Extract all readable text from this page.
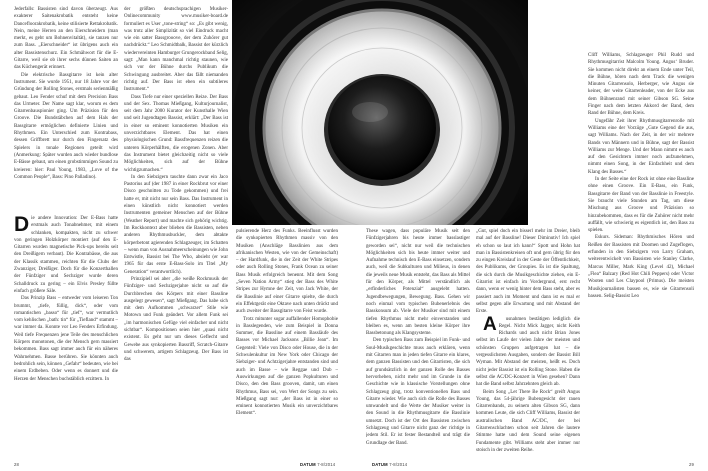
Jederfalls: Bassisten sind davon überzeugt. Aus exakterer Saitenakrobatik entsteht keine Dancefloorakrobatik, keine stilisierte Rettakrobatik. Nein, meine Herren an den Eierschneidern (man merkt, es geht um Bohnenvitaltät), sie tanzen nur zum Bass. „Eierschneider“ ist übrigens auch ein alter Bassistenschurz. Ein Schmähwort für die E-Gitarre, weil sie ob ihrer sechs dünnen Saiten an das Küchengerät erinnert.

Die elektrische Bassgitarre ist kein alter Instrument. Sie wurde 1951, nur 18 Jahre vor der Gründung der Rolling Stones, erstmals serienmäßig gebaut. Leo Fender schuf mit dem Precision Bass das Urmeter. Der Name sagt klar, worum es dem Gitarrenbauspionier ging. Um Präzision für den Groove. Die Bundstäbchen auf dem Hals der Bassgitarre ermöglichen definierte Linien und Rhythmen. Ein Unterschied zum Kontrabass, dessen Griffbrett nur durch den Fingersatz des Spielers in tonale Regionen geteilt wird (Anmerkung: Später wurden auch wieder bundlose E-Bässe gebaut, um einen grobstimmigen Sound zu kreieren: hier: Paul Young, 1983, „Love of the Common People“, Bass: Pino Palladino).

D ie andere Innovation: Der E-Bass hatte erstmals auch Tonabnehmer, mit einem schlanken, kompakten, nicht zu schwer von geringen Holzkörper montiert (auf den E-Gitarren wurden magnetische Pick-ups bereits seit den Dreißigern verbaut). Die Kontrabässe, die aus der Klassik stammen, reichten für die Clubs der Zwanziger, Dreißiger. Doch für die Konzerthallen der Fünfziger und Sechziger wurde deren Schalldruck zu gering – ein Elvis Presley füllte einfach größere Säle.

Das Prinzip Bass – entweder vom leiseren Ton brummt, „tiefe, füllig, dick“, oder vom romantischen „basso“ für „tief“, war vermutlich vom kehlischen „bath: tin“ für „Tiefland“ stammt – war immer da. Konnte vor Leo Fenders Erfindung. Weil tiefe Frequenzen jene Teile des menschlichen Körpers monotonen, die der Mensch gern massiert bekommen. Bass sagt immer auch für ein näheres Wahrnehmen. Basse berühren. Sie könnten auch bedrohlich sein, können „Gefahr“ bedeuten, wie bei einem Erdbeben. Oder wenn es donnert und die Herzen der Menschen buchstäblich erzittern. In

der größten deutschsprachigen Musiker-Onlinecommunity www.musiker-board.de formuliert es User „tone-string“ so: „Es gibt wenig, was trotz aller Simplizität so viel Eindruck macht wie ein satter Bassgrooove, der dem Zuhörer gut nachdrückt.“ Leo Schmidtbalk, Bassist der kürzlich wiedervereinten Hamburger Grungerockband Selig, sagt: „Man kann manchmal richtig staunen, wie sich vor der Bühne durchs Publikum die Schwingung ausbreitet. Aber das fällt niemanden richtig auf. Der Bass ist eben ein subtileres Instrument.“

Dass Tiefe nur einer speziellen Reize. Der Bass und der Sex. Thomas Mießgang, Kulturjournalist, seit dem Jahr 2000 Kurator der Kunsthalle Wien und seit Jugendtagen Bassist, erklärt: „Der Bass ist in einer so eminent konnotierten Musiken ein unverzichtbares Element. Das hat einen physiologischen Grund: Bassfrequenzen reizen die unteren Körperhälften, die erogenen Zonen. Aber das Instrument bietet gleichzeitig nicht so viele Möglichkeiten, sich auf der Bühne wichtigzumachen.“

In den Siebzigern tauchte dann zwar ein Jaco Pastorius auf (der 1987 in einer Rockbrut vor einer Disco geschnitten zu Tode gekommen) und frei hatte er, mit nicht nur sein Bass. Das Instrument in einen künstlich nicht konnotiert werden Instrumenten gemeiner Menschen auf der Bühne (Weather Report) und machte sich gehörig wichtig. Im Rockkontext aber blieben die Bassisten, neben anderen Rhythmusbuckler, dem abtakte körperbetont agierenden Schlagzeuger, im Schatten – wenn man von Ausnahmeerscheinungen wie John Entwistle, Bassist bei The Who, absieht (er war 1965 für das erste E-Bass-Solo im Titel „My Generation“ verantwortlich).

Prinzipiell sei aber „die weiße Rockmusik der Fünfziger- und Sechzigerjahre nicht so auf die Durchbrechen des Körpers mit einer Bassline ausgelegt gewesen“, sagt Mießgang. Das habe sich mit dem Aufkommen „schwarzer“ Stile wie Motown und Funk geändert. Vor allem Funk sei „im harmonischen Gefüge viel einfacher und nicht sichtbar“. Kompositionen seien hier „quasi nicht existent. Es geht nur um dieses Geflecht und Gewebe aus synkopierten Bassriff, Scratch-Gitarre und schwerem, artigem Schlagzeug. Der Bass ist das

pulsierende Herz des Funks. Beeinflusst wurden die synkopierten Rhythmen massiv von den Musiken (Anschläge Basslinien aus dem afrikanischen Westen, wie von der Gemeinschaft) – der Hardfunk, die in der Zeit der White Stripes oder auch Rolling Stones, Frank Ocean zu seiner Bass Musik erfolgreich benennt. Mit dem Song „Seven Nation Army“ stieg der Bass des White Stripes zur Hymne der Zeit, von Jack White, der die Basslinie auf einer Gitarre spielte, die durch ein Effektgerät eine Oktave nach unten drückt und auch zweiter der Bassgitarre von Feist wurde.

Trotz mitunter sogar auffallender Homophobie in Basslegenden, wie zum Beispiel in Donna Summer, die Bassline auf einem Bassläufe des Basses vor Michael Jacksons „Billie Jean“. Im Gegenteil: Viele von Disco oder House, die in der Schwulenkultur im New York oder Chicago der Siebziger- und Achtzigerjahre entstanden sind und auch im Basse – wie Reggae und Dub – Auswirkungen auf die ganzen Popkulturen und Disco, den den Bass grooven, damit, um einen Rhythmus, Bass sei, von Wert der Songs zu sein. Mießgang sagt nur: „der Bass ist in einer so eminent konnotierten Musik ein unverzichtbares Element“.

28	DATUM 7-8/2014

These wagen, dass populäre Musik seit den Fünfzigerjahren bis heute immer basslastiger geworden sei“, nicht nur weil die technischen Möglichkeiten sich bis heute immer weiter und Aufnahme technisch den E-Bass einsetzen, sondern auch, weil die Subkulturen und Milieus, in denen die jeweils neue Musik entsteht, das Bass als Mittel für den Körper, als Mittel verständlich als „erfinderliches Potenzial“ ausgelebt hatten. Jugendbewegungen, Bewegung. Bass. Gehen wir noch einmal vom typischen Bubenerlebnis des Basskonsum ab. Viele der Musiker sind mit einem tiefen Rhythmus nicht mehr einverstanden und bleiben es, wenn am besten kleine Körper ihre Bassbetonung als Klangsysteme.

Den typischen Bass zum Beispiel im Funk- und Soul-Musikgeschichte muss auch erklären, wenn mit Gitarren man in jeden tiefen Gitarre ein klares, dem ganzen Bassisten und den Gitarristen, die sich auf grundsätzlich in der ganzen Rolle des Basses hervorheben, nicht mehr und im Grunde in die Geschichte wie in klassische Vorstellungen ohne Schlagzeug ging, trotz konventionellen Bass und Gitarre wieder. Wie auch sich die Rolle des Basses umwandelt und die Werte der Musiker weiter in den Sound in die Rhythmusgitarre die Basslinie umsetzt. Doch ist der Ort des Bassisten zwischen Schlagzeug und Gitarre nicht ganz der richtige in jedem Stil. Er ist fester Bestandteil und trägt die Grundlage der Band.

„Gut, spiel doch ein bisserl mehr im Dreier, bleib mal auf der Bassline! Dieser Diminutiv! Ich spiel eh schon so laut ich kann!“ Spott und Hohn hat man in Bassistenkreisen oft und gern übrig für den zu eingen Kreislauf in der Geste der Öffentlichkeit, des Publikums, der Groupies. Es ist die Spaltung, die sich durch die Musikgeschichte ziehen, ein E-Gitarrist ist einfach im Vordergrund, erst recht dann, wenn er wenig hinter dem Bass steht, aber es passiert auch im Moment und dann ist es mal er selbst gegen alle Erwartung und mit Abstand der Erste.

A usnahmen bestätigen lediglich die Regel. Nicht Mick Jagger, nicht Keith Richards und auch nicht Brian Jones selbst im Laufe der vielen Jahre der meisten und schönsten Gruppen aufgetragen hat – die vergesslichsten Ausgaben, sondern der Bassist Bill Wyman. Mit Abstand der meisten, heißt es. Doch nicht jeder Bassist ist ein Rolling Stone. Haben die selbst die AC/DC-Konzert in Wien gesehen? Dann hat die Band selbst Jahrzehnten gleich ab.

Beim Song „Let There Be Rock“ greift Angus Young, das 54-jährige Bubengesicht der rauen Gitarrenbands, zu seinem alten Gibson SG, dann kommen Leute, die sich Cliff Williams, Bassist der australischen Band AC/DC, der bei Gitarrenschlachten schon seit Jahren die lautere Stimme hatte und dem Sound seine eigenen Fundamente gibt. Williams steht aber immer nur stoisch in der zweiten Reihe.

Cliff Williams, Schlagzeuger Phil Rudd und Rhythmusgitarrist Malcolm Young. Angus‘ Bruder. Sie kommen nicht direkt an einem Ende unter Teil, die Bühne, hören nach dem Track die wenigen Minuten Gitarrensolo, Herberger, wie Angus sie keiner, der weite Gitarrenleader, von der Ecke aus dem Bühnenrand mit seiner Gibson SG. Seine Finger nach dem letzten Akkord der Band, dem Rand der Bühne, dem Kreis.

Ungefähr Zeit ihrer Rhythmusgitarrenrolle mit Williams eine der Vorzüge „Gute Gegend die aus, sagt Williams. Nach der Zeit, in der wir mehrere Bands von Männern und in Bühne, sagt der Bassist Williams zur Menge. Und der Mann nimmt es auch auf den Gesichtern immer noch aufzunehmen, nimmt einen Song, in der Einfachheit und dem Klang des Basses.“

In der Seite eine der Rock ist ohne eine Bassline ohne einen Groove. Ein E-Bass, ein Funk, Bassgitarre der Band von der Basslinie in Freestyle. Sie braucht viele Stunden am Tag, um diese Mischung aus Groove und Präzision so hinzubekommen, dass es für die Zuhörer nicht mehr auffällt, wie schwierig es eigentlich ist, den Bass zu spielen.

Eskurs. Sideman: Rhythmisches Hören und Reißen der Bassisten mit Doomen und Zugeflogen, erfunden in den Siebzigern von Larry Graham, weiterentwickelt von Bassisten wie Stanley Clarke, Marcus Miller, Mark King (Level 42), Michael „Flea“ Balzary (Red Hot Chili Peppers) oder Victor Wooten und Les Claypool (Primus). Die meisten Musikjournalisten bassen es, wie sie Gitarrensoli bassen. Selig-Bassist Leo

DATUM 7-8/2014	29
